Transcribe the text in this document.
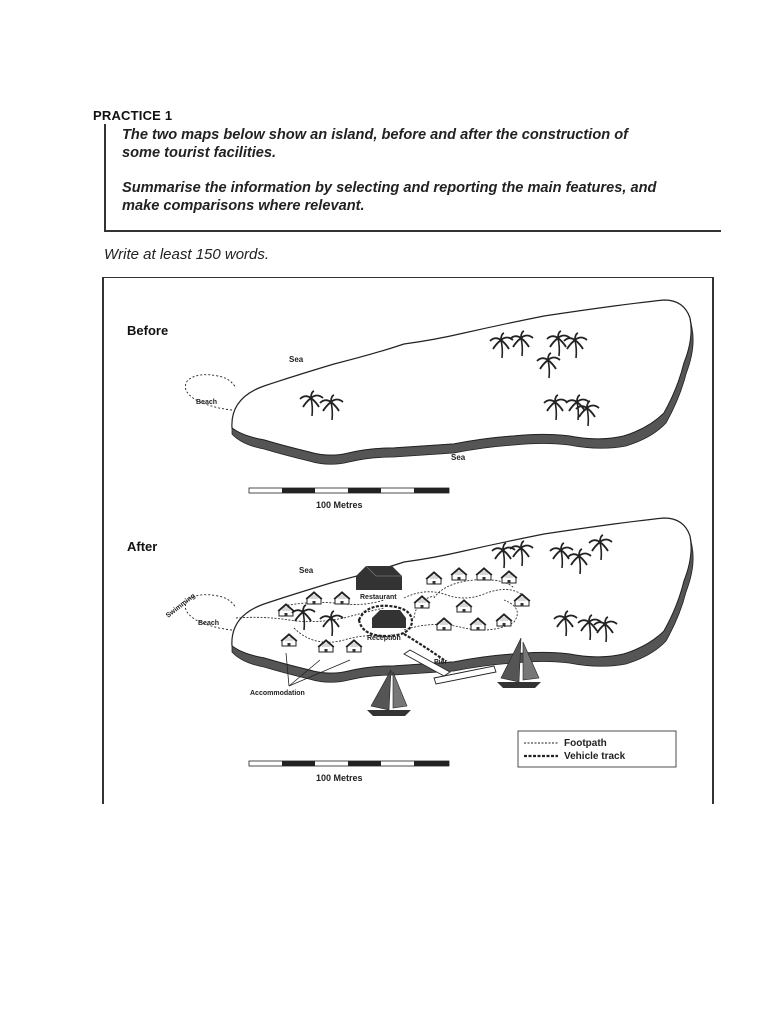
PRACTICE 1
The two maps below show an island, before and after the construction of
some tourist facilities.
Summarise the information by selecting and reporting the main features, and
make comparisons where relevant.
Write at least 150 words.
Before
Sea
Beach
Sea
100 Metres
After
Sea
Beach
Swimming	Restaurant
Reception
Pier
Accommodation
Footpath
Vehicle track
100 Metres
